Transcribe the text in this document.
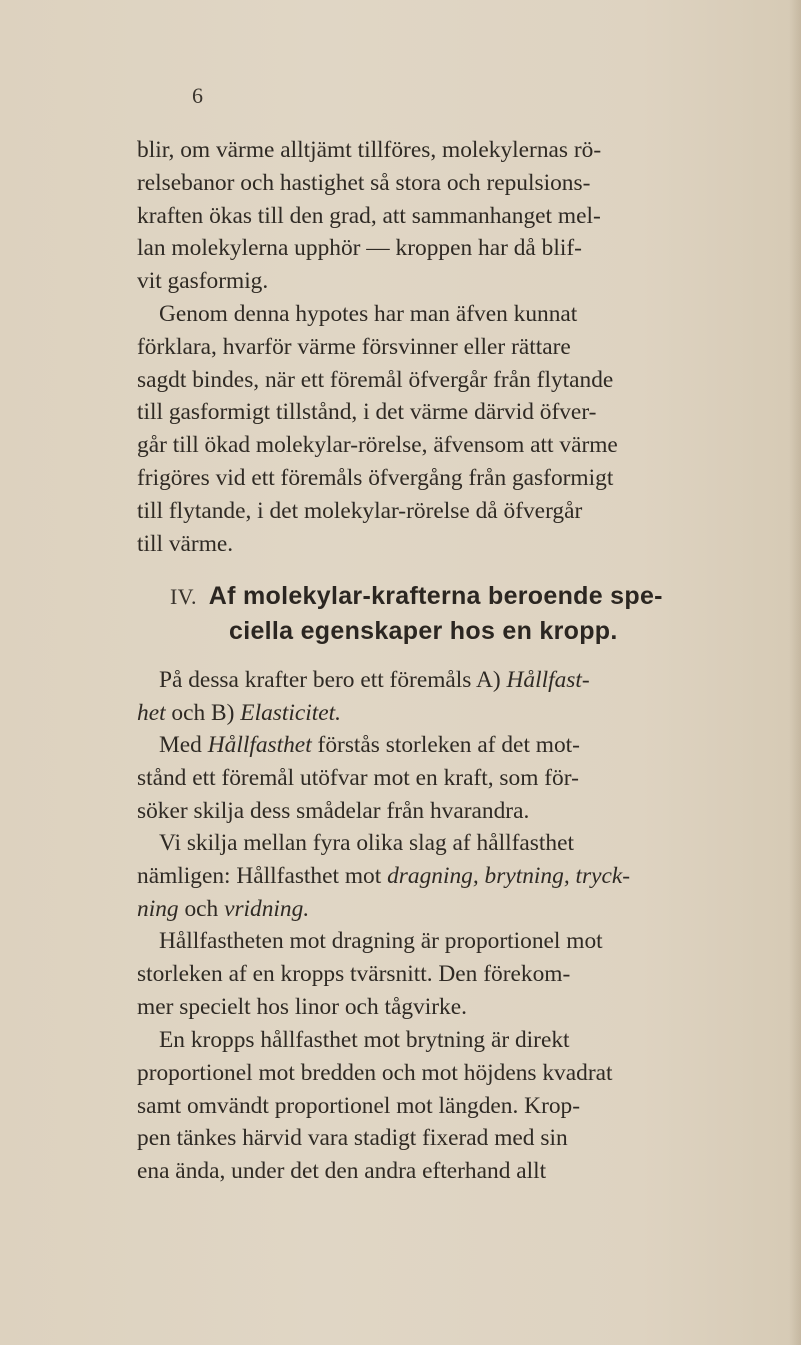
6
blir, om värme alltjämt tillföres, molekylernas rö-
relsebanor och hastighet så stora och repulsions-
kraften ökas till den grad, att sammanhanget mel-
lan molekylerna upphör — kroppen har då blif-
vit gasformig.
Genom denna hypotes har man äfven kunnat
förklara, hvarför värme försvinner eller rättare
sagdt bindes, när ett föremål öfvergår från flytande
till gasformigt tillstånd, i det värme därvid öfver-
går till ökad molekylar-rörelse, äfvensom att värme
frigöres vid ett föremåls öfvergång från gasformigt
till flytande, i det molekylar-rörelse då öfvergår
till värme.
IV. Af molekylar-krafterna beroende spe-
ciella egenskaper hos en kropp.
På dessa krafter bero ett föremåls A) Hållfast-
het och B) Elasticitet.
Med Hållfasthet förstås storleken af det mot-
stånd ett föremål utöfvar mot en kraft, som för-
söker skilja dess smådelar från hvarandra.
Vi skilja mellan fyra olika slag af hållfasthet
nämligen: Hållfasthet mot dragning, brytning, tryck-
ning och vridning.
Hållfastheten mot dragning är proportionel mot
storleken af en kropps tvärsnitt. Den förekom-
mer specielt hos linor och tågvirke.
En kropps hållfasthet mot brytning är direkt
proportionel mot bredden och mot höjdens kvadrat
samt omvändt proportionel mot längden. Krop-
pen tänkes härvid vara stadigt fixerad med sin
ena ända, under det den andra efterhand allt
